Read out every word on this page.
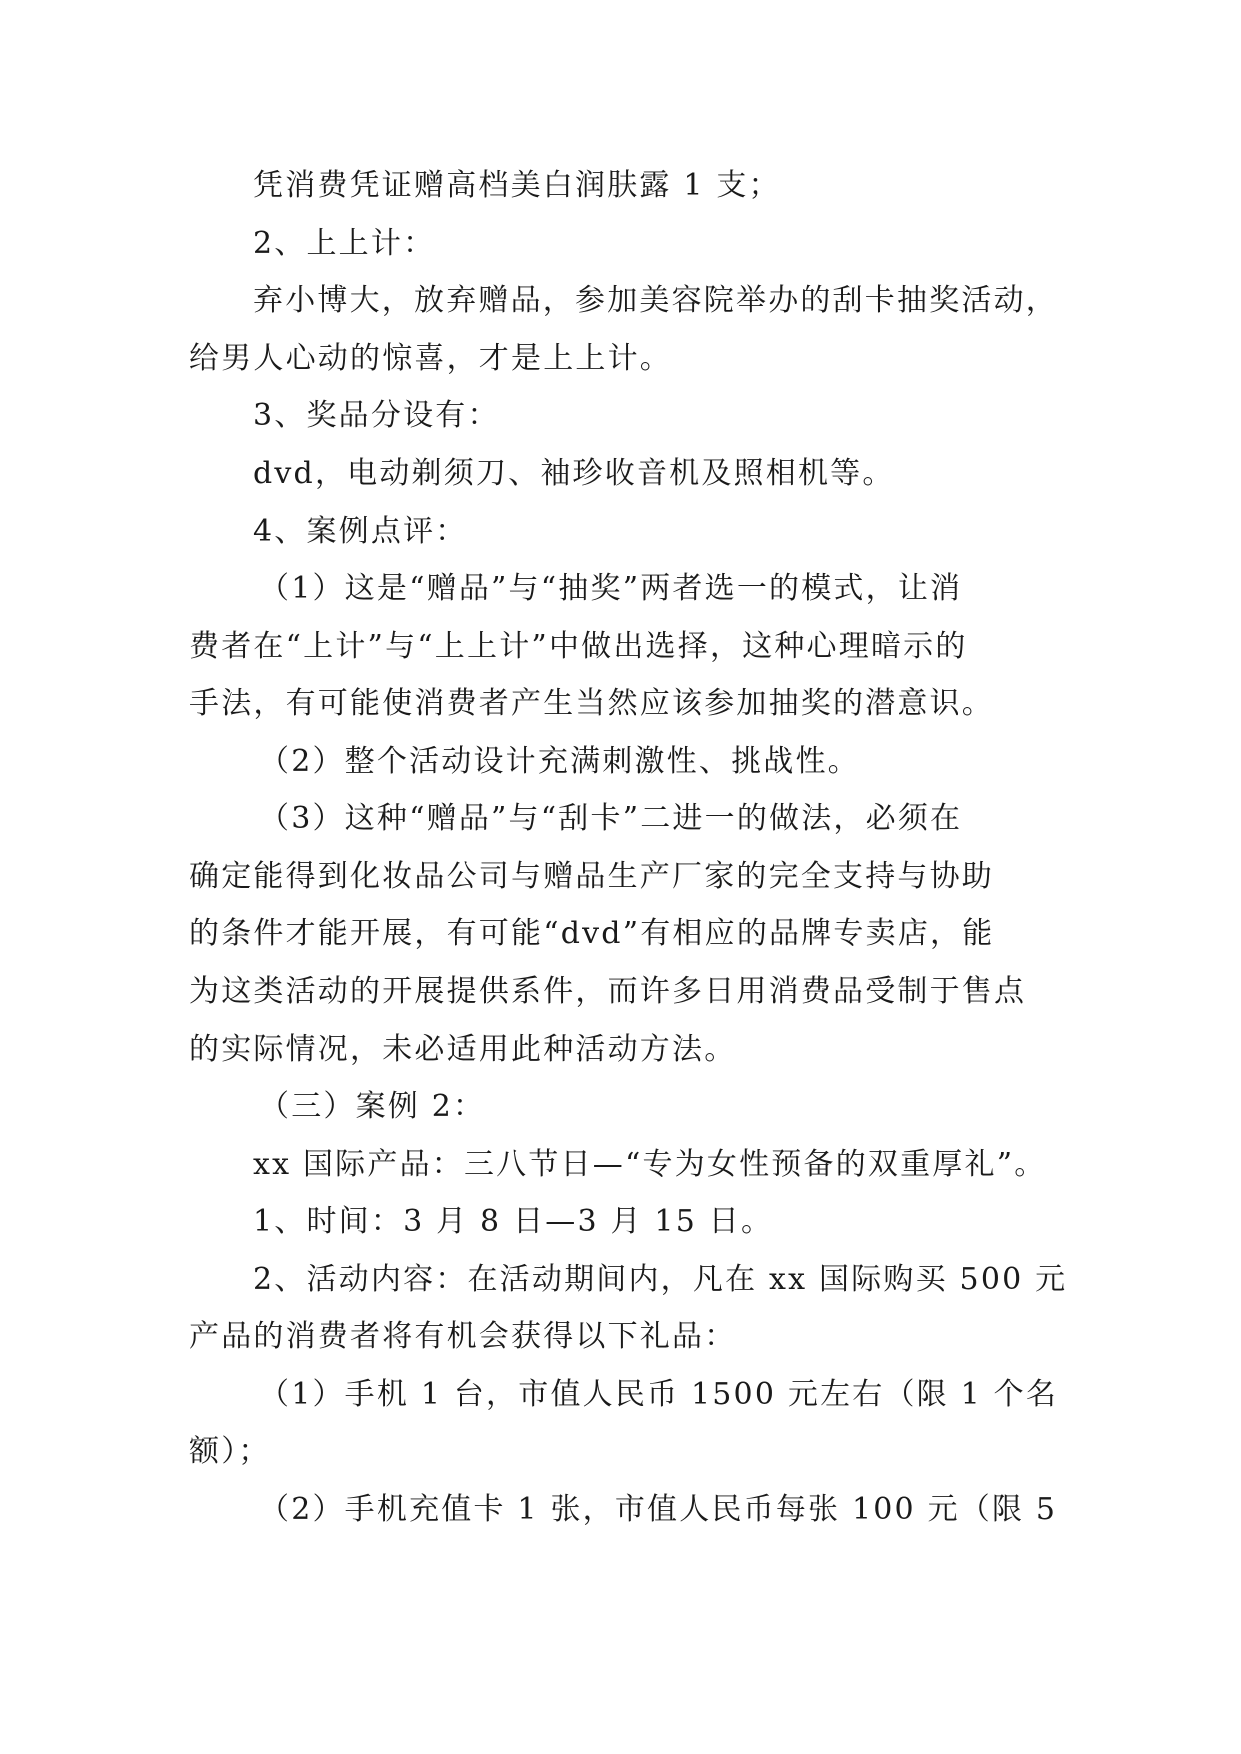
凭消费凭证赠高档美白润肤露 1 支；
2、上上计：
弃小博大，放弃赠品，参加美容院举办的刮卡抽奖活动，
给男人心动的惊喜，才是上上计。
3、奖品分设有：
dvd，电动剃须刀、袖珍收音机及照相机等。
4、案例点评：
（1）这是“赠品”与“抽奖”两者选一的模式，让消
费者在“上计”与“上上计”中做出选择，这种心理暗示的
手法，有可能使消费者产生当然应该参加抽奖的潜意识。
（2）整个活动设计充满刺激性、挑战性。
（3）这种“赠品”与“刮卡”二进一的做法，必须在
确定能得到化妆品公司与赠品生产厂家的完全支持与协助
的条件才能开展，有可能“dvd”有相应的品牌专卖店，能
为这类活动的开展提供系件，而许多日用消费品受制于售点
的实际情况，未必适用此种活动方法。
（三）案例 2：
xx 国际产品：三八节日—“专为女性预备的双重厚礼”。
1、时间：3 月 8 日—3 月 15 日。
2、活动内容：在活动期间内，凡在 xx 国际购买 500 元
产品的消费者将有机会获得以下礼品：
（1）手机 1 台，市值人民币 1500 元左右（限 1 个名
额）；
（2）手机充值卡 1 张，市值人民币每张 100 元（限 5
